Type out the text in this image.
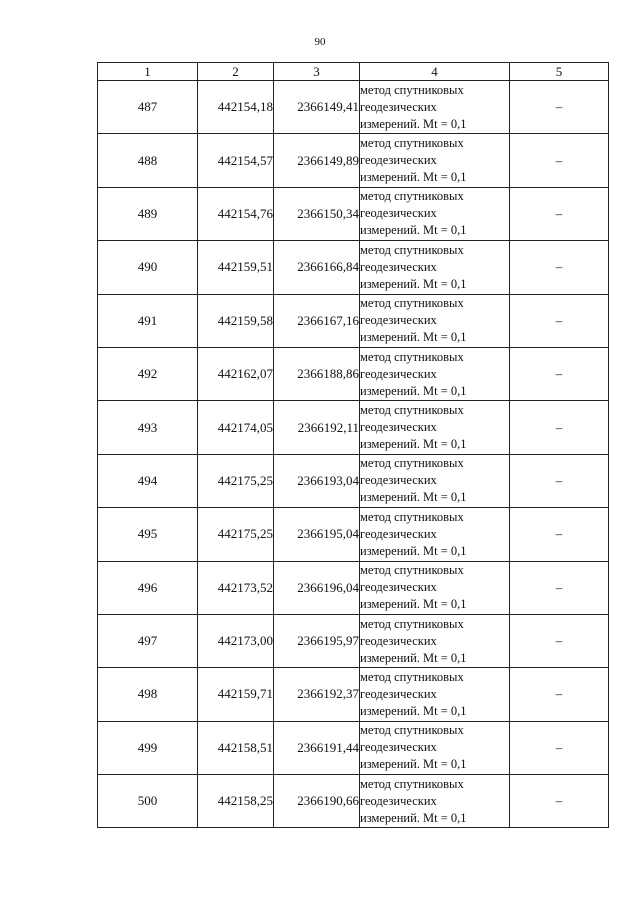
90
1	2	3	4	5
487	442154,18	2366149,41	метод спутниковых
геодезических
измерений. Mt = 0,1	–
488	442154,57	2366149,89	метод спутниковых
геодезических
измерений. Mt = 0,1	–
489	442154,76	2366150,34	метод спутниковых
геодезических
измерений. Mt = 0,1	–
490	442159,51	2366166,84	метод спутниковых
геодезических
измерений. Mt = 0,1	–
491	442159,58	2366167,16	метод спутниковых
геодезических
измерений. Mt = 0,1	–
492	442162,07	2366188,86	метод спутниковых
геодезических
измерений. Mt = 0,1	–
493	442174,05	2366192,11	метод спутниковых
геодезических
измерений. Mt = 0,1	–
494	442175,25	2366193,04	метод спутниковых
геодезических
измерений. Mt = 0,1	–
495	442175,25	2366195,04	метод спутниковых
геодезических
измерений. Mt = 0,1	–
496	442173,52	2366196,04	метод спутниковых
геодезических
измерений. Mt = 0,1	–
497	442173,00	2366195,97	метод спутниковых
геодезических
измерений. Mt = 0,1	–
498	442159,71	2366192,37	метод спутниковых
геодезических
измерений. Mt = 0,1	–
499	442158,51	2366191,44	метод спутниковых
геодезических
измерений. Mt = 0,1	–
500	442158,25	2366190,66	метод спутниковых
геодезических
измерений. Mt = 0,1	–
